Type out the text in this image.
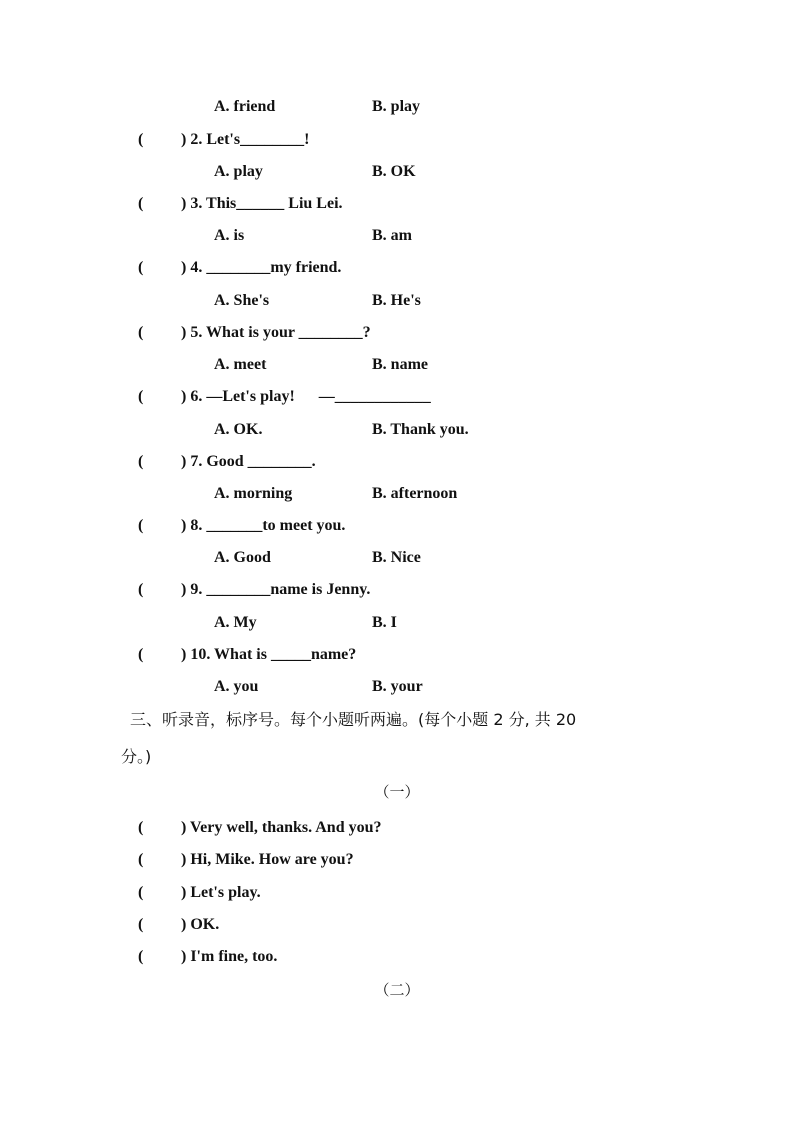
A. friend	B. play
( ) 2. Let's________!
A. play	B. OK
( ) 3. This______ Liu Lei.
A. is	B. am
( ) 4. ________my friend.
A. She's	B. He's
( ) 5. What is your ________?
A. meet	B. name
( ) 6. —Let's play!      —____________
A. OK.	B. Thank you.
( ) 7. Good ________.
A. morning	B. afternoon
( ) 8. _______to meet you.
A. Good	B. Nice
( ) 9. ________name is Jenny.
A. My	B. I
( ) 10. What is _____name?
A. you	B. your
三、听录音，标序号。每个小题听两遍。(每个小题 2 分, 共 20
分。)
（一）
( ) Very well, thanks. And you?
( ) Hi, Mike. How are you?
( ) Let's play.
( ) OK.
( ) I'm fine, too.
（二）
